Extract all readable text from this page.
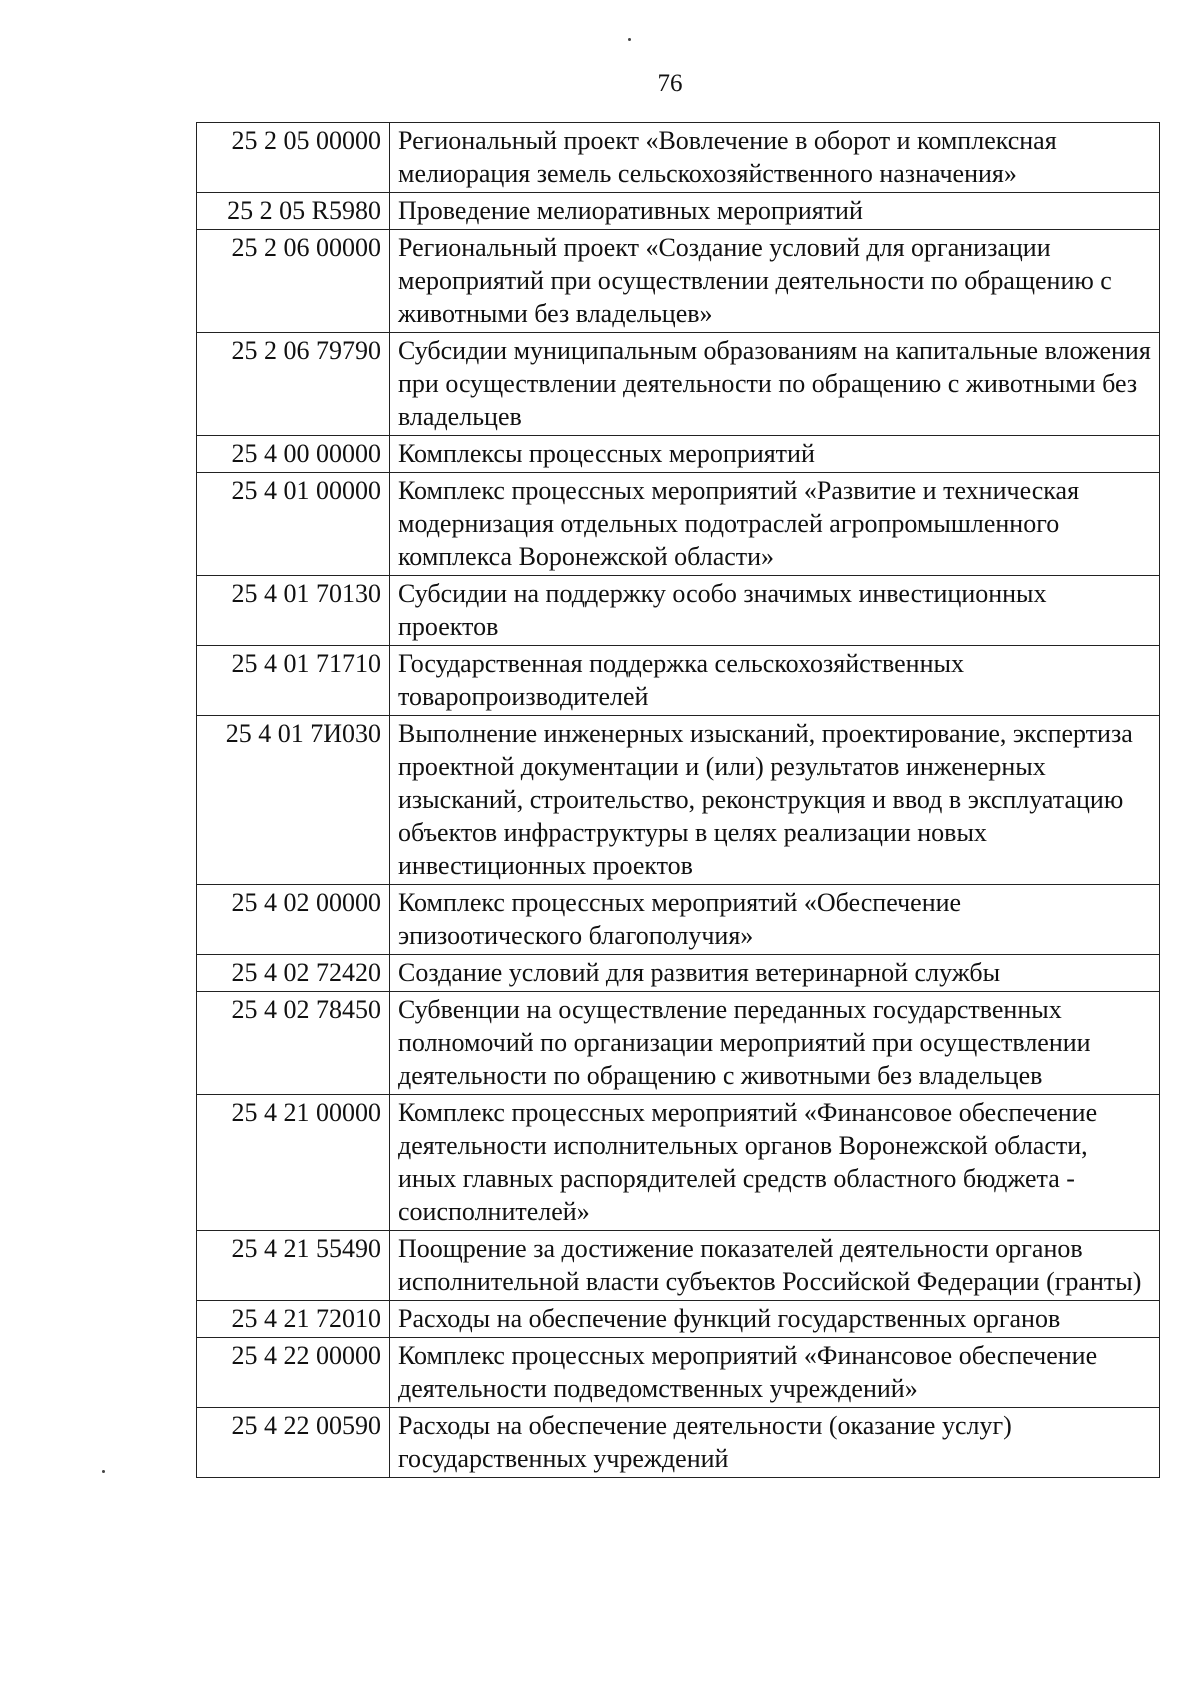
76
25 2 05 00000	Региональный проект «Вовлечение в оборот и комплексная мелиорация земель сельскохозяйственного назначения»
25 2 05 R5980	Проведение мелиоративных мероприятий
25 2 06 00000	Региональный проект «Создание условий для организации мероприятий при осуществлении деятельности по обращению с животными без владельцев»
25 2 06 79790	Субсидии муниципальным образованиям на капитальные вложения при осуществлении деятельности по обращению с животными без владельцев
25 4 00 00000	Комплексы процессных мероприятий
25 4 01 00000	Комплекс процессных мероприятий «Развитие и техническая модернизация отдельных подотраслей агропромышленного комплекса Воронежской области»
25 4 01 70130	Субсидии на поддержку особо значимых инвестиционных проектов
25 4 01 71710	Государственная поддержка сельскохозяйственных товаропроизводителей
25 4 01 7И030	Выполнение инженерных изысканий, проектирование, экспертиза проектной документации и (или) результатов инженерных изысканий, строительство, реконструкция и ввод в эксплуатацию объектов инфраструктуры в целях реализации новых инвестиционных проектов
25 4 02 00000	Комплекс процессных мероприятий «Обеспечение эпизоотического благополучия»
25 4 02 72420	Создание условий для развития ветеринарной службы
25 4 02 78450	Субвенции на осуществление переданных государственных полномочий по организации мероприятий при осуществлении деятельности по обращению с животными без владельцев
25 4 21 00000	Комплекс процессных мероприятий «Финансовое обеспечение деятельности исполнительных органов Воронежской области, иных главных распорядителей средств областного бюджета - соисполнителей»
25 4 21 55490	Поощрение за достижение показателей деятельности органов исполнительной власти субъектов Российской Федерации (гранты)
25 4 21 72010	Расходы на обеспечение функций государственных органов
25 4 22 00000	Комплекс процессных мероприятий «Финансовое обеспечение деятельности подведомственных учреждений»
25 4 22 00590	Расходы на обеспечение деятельности (оказание услуг) государственных учреждений
